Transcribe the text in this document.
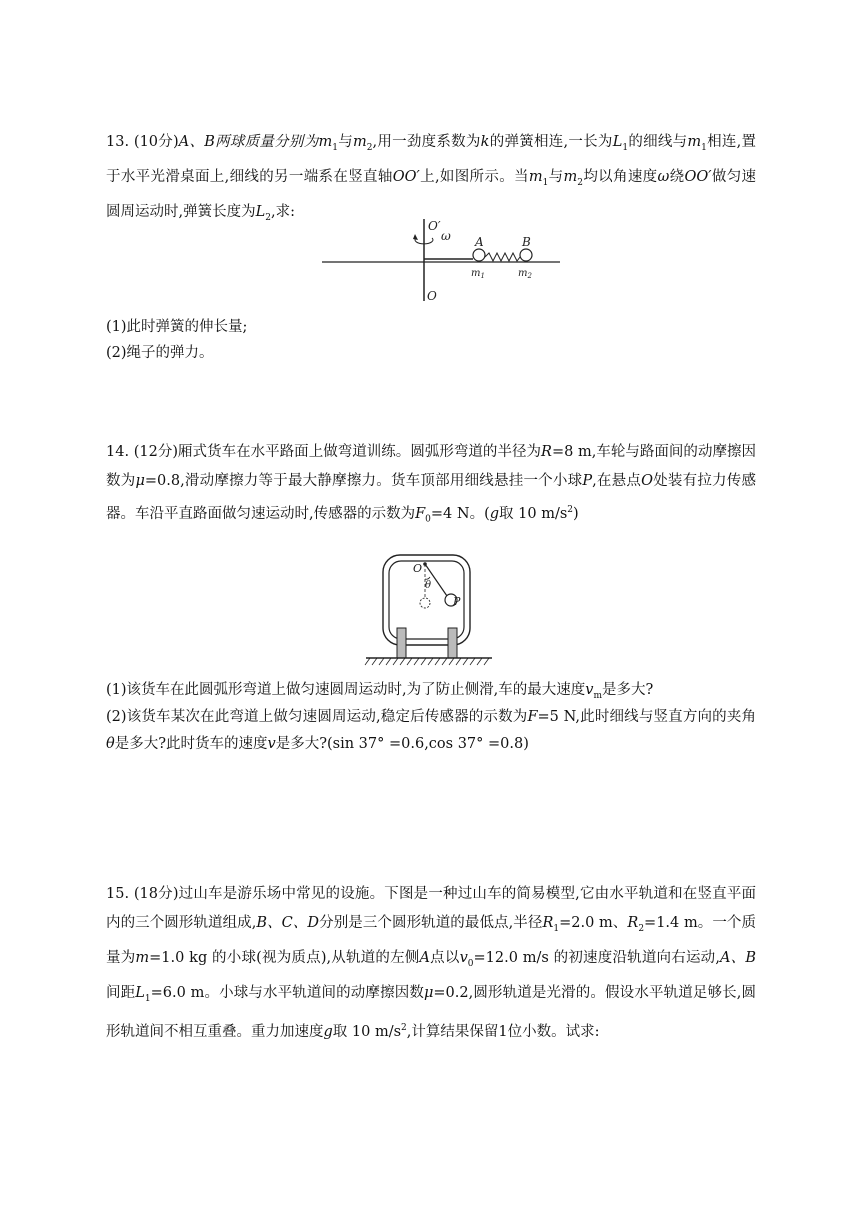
13. (10分)A、B两球质量分别为$m_1$与$m_2$,用一劲度系数为k的弹簧相连,一长为$L_1$的细线与$m_1$相连,置于水平光滑桌面上,细线的另一端系在竖直轴OO′上,如图所示。当$m_1$与$m_2$均以角速度ω绕OO′做匀速圆周运动时,弹簧长度为$L_2$,求:

O′
ω A	B
$m_1$	$m_2$
O

(1)此时弹簧的伸长量;

(2)绳子的弹力。

14. (12分)厢式货车在水平路面上做弯道训练。圆弧形弯道的半径为R=8 m,车轮与路面间的动摩擦因数为μ=0.8,滑动摩擦力等于最大静摩擦力。货车顶部用细线悬挂一个小球P,在悬点O处装有拉力传感器。车沿平直路面做匀速运动时,传感器的示数为$F_0=4$ N。(g取 10 $m/s^2$)

O
θ
P

(1)该货车在此圆弧形弯道上做匀速圆周运动时,为了防止侧滑,车的最大速度$v_m$是多大?

(2)该货车某次在此弯道上做匀速圆周运动,稳定后传感器的示数为F=5 N,此时细线与竖直方向的夹角θ是多大?此时货车的速度v是多大?(sin 37° =0.6,cos 37° =0.8)

15. (18分)过山车是游乐场中常见的设施。下图是一种过山车的简易模型,它由水平轨道和在竖直平面内的三个圆形轨道组成,B、C、D分别是三个圆形轨道的最低点,半径$R_1=2.0$ m、$R_2=1.4$ m。一个质量为m=1.0 kg 的小球(视为质点),从轨道的左侧A点以$v_0=12.0$ m/s 的初速度沿轨道向右运动,A、B间距$L_1=6.0$ m。小球与水平轨道间的动摩擦因数μ=0.2,圆形轨道是光滑的。假设水平轨道足够长,圆形轨道间不相互重叠。重力加速度g取 10 $m/s^2$,计算结果保留1位小数。试求:
